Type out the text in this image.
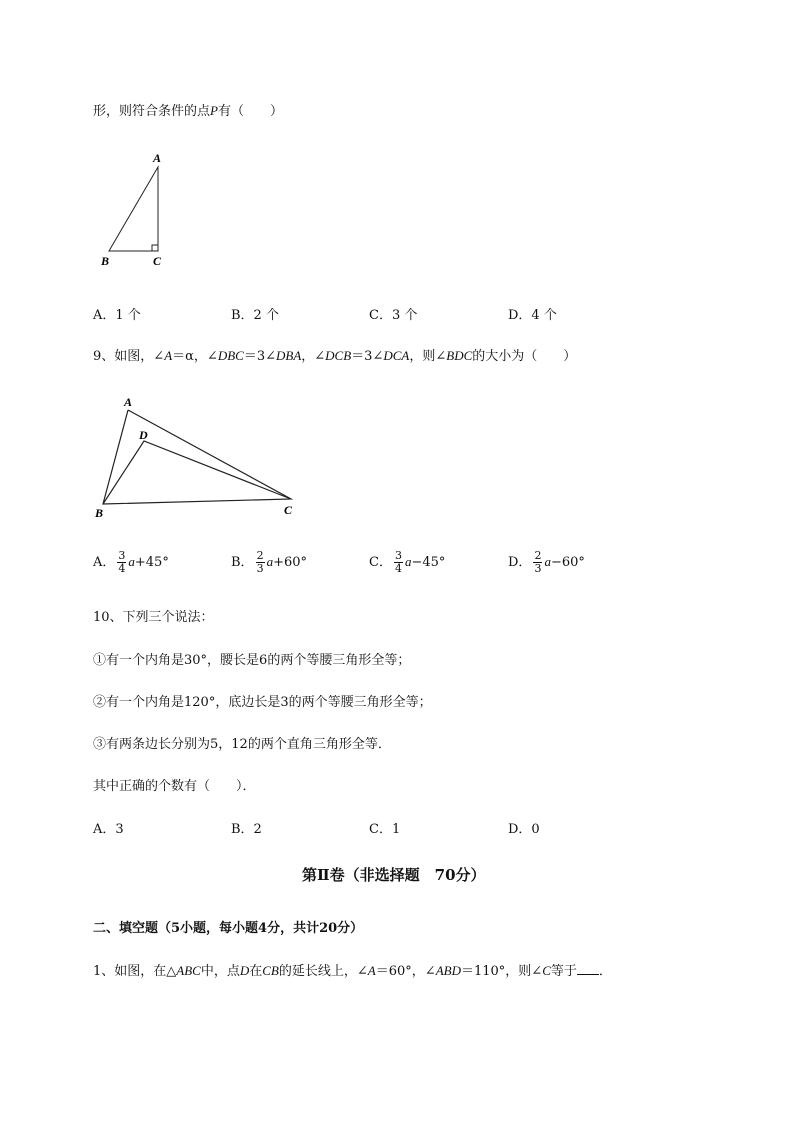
形，则符合条件的点P有（　　）
A
B	C
A．1 个	B．2 个	C．3 个	D．4 个
9、如图，∠A＝α，∠DBC＝3∠DBA，∠DCB＝3∠DCA，则∠BDC的大小为（　　）
A
D
B	C
A． $\frac{3}{4} a+45^\circ$	B． $\frac{2}{3} a+60^\circ$	C． $\frac{3}{4} a-45^\circ$	D． $\frac{2}{3} a-60^\circ$
10、下列三个说法：
①有一个内角是30°，腰长是6的两个等腰三角形全等；
②有一个内角是120°，底边长是3的两个等腰三角形全等；
③有两条边长分别为5，12的两个直角三角形全等．
其中正确的个数有（　　）．
A．3	B．2	C．1	D．0
第Ⅱ卷（非选择题　70分）
二、填空题（5小题，每小题4分，共计20分）
1、如图，在△ABC中，点D在CB的延长线上，∠A＝60°，∠ABD＝110°，则∠C等于 ．
